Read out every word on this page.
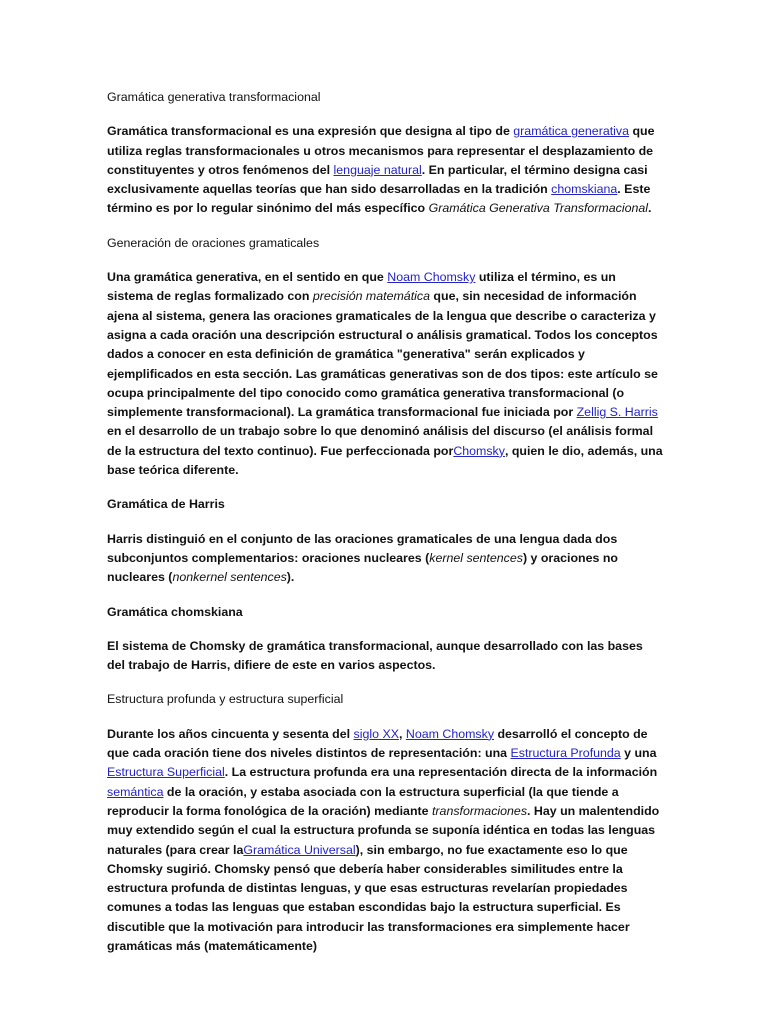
Gramática generativa transformacional

Gramática transformacional es una expresión que designa al tipo de gramática generativa que utiliza reglas transformacionales u otros mecanismos para representar el desplazamiento de constituyentes y otros fenómenos del lenguaje natural. En particular, el término designa casi exclusivamente aquellas teorías que han sido desarrolladas en la tradición chomskiana. Este término es por lo regular sinónimo del más específico Gramática Generativa Transformacional.

Generación de oraciones gramaticales

Una gramática generativa, en el sentido en que Noam Chomsky utiliza el término, es un sistema de reglas formalizado con precisión matemática que, sin necesidad de información ajena al sistema, genera las oraciones gramaticales de la lengua que describe o caracteriza y asigna a cada oración una descripción estructural o análisis gramatical. Todos los conceptos dados a conocer en esta definición de gramática "generativa" serán explicados y ejemplificados en esta sección. Las gramáticas generativas son de dos tipos: este artículo se ocupa principalmente del tipo conocido como gramática generativa transformacional (o simplemente transformacional). La gramática transformacional fue iniciada por Zellig S. Harris en el desarrollo de un trabajo sobre lo que denominó análisis del discurso (el análisis formal de la estructura del texto continuo). Fue perfeccionada porChomsky, quien le dio, además, una base teórica diferente.

Gramática de Harris

Harris distinguió en el conjunto de las oraciones gramaticales de una lengua dada dos subconjuntos complementarios: oraciones nucleares (kernel sentences) y oraciones no nucleares (nonkernel sentences).

Gramática chomskiana

El sistema de Chomsky de gramática transformacional, aunque desarrollado con las bases del trabajo de Harris, difiere de este en varios aspectos.

Estructura profunda y estructura superficial

Durante los años cincuenta y sesenta del siglo XX, Noam Chomsky desarrolló el concepto de que cada oración tiene dos niveles distintos de representación: una Estructura Profunda y una Estructura Superficial. La estructura profunda era una representación directa de la información semántica de la oración, y estaba asociada con la estructura superficial (la que tiende a reproducir la forma fonológica de la oración) mediante transformaciones. Hay un malentendido muy extendido según el cual la estructura profunda se suponía idéntica en todas las lenguas naturales (para crear laGramática Universal), sin embargo, no fue exactamente eso lo que Chomsky sugirió. Chomsky pensó que debería haber considerables similitudes entre la estructura profunda de distintas lenguas, y que esas estructuras revelarían propiedades comunes a todas las lenguas que estaban escondidas bajo la estructura superficial. Es discutible que la motivación para introducir las transformaciones era simplemente hacer gramáticas más (matemáticamente)
